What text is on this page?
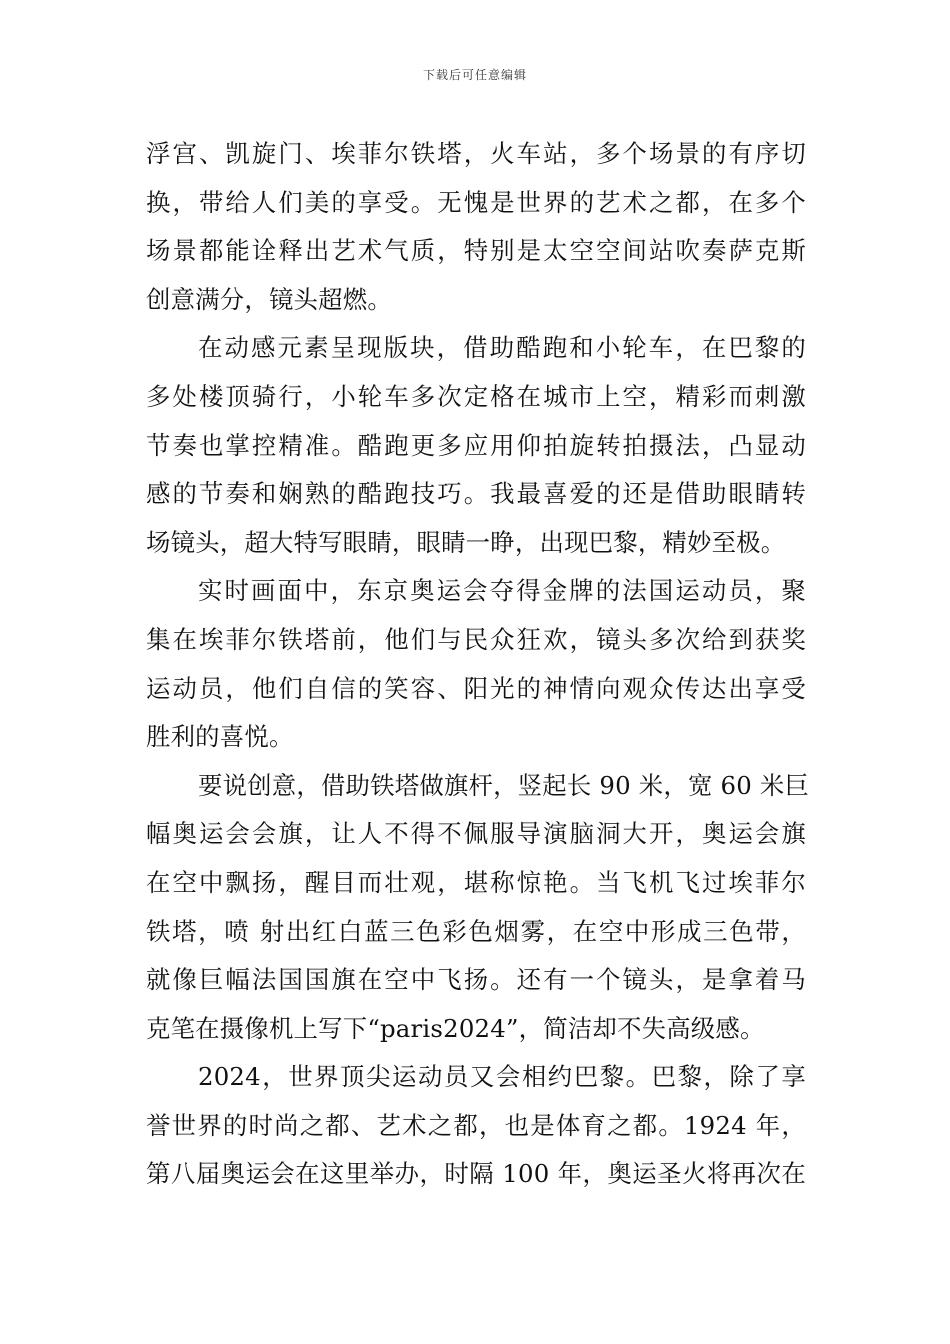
下载后可任意编辑
浮宫、凯旋门、埃菲尔铁塔，火车站，多个场景的有序切
换，带给人们美的享受。无愧是世界的艺术之都，在多个
场景都能诠释出艺术气质，特别是太空空间站吹奏萨克斯
创意满分，镜头超燃。
在动感元素呈现版块，借助酷跑和小轮车，在巴黎的
多处楼顶骑行，小轮车多次定格在城市上空，精彩而刺激
节奏也掌控精准。酷跑更多应用仰拍旋转拍摄法，凸显动
感的节奏和娴熟的酷跑技巧。我最喜爱的还是借助眼睛转
场镜头，超大特写眼睛，眼睛一睁，出现巴黎，精妙至极。
实时画面中，东京奥运会夺得金牌的法国运动员，聚
集在埃菲尔铁塔前，他们与民众狂欢，镜头多次给到获奖
运动员，他们自信的笑容、阳光的神情向观众传达出享受
胜利的喜悦。
要说创意，借助铁塔做旗杆，竖起长 90 米，宽 60 米巨
幅奥运会会旗，让人不得不佩服导演脑洞大开，奥运会旗
在空中飘扬，醒目而壮观，堪称惊艳。当飞机飞过埃菲尔
铁塔，喷 射出红白蓝三色彩色烟雾，在空中形成三色带，
就像巨幅法国国旗在空中飞扬。还有一个镜头，是拿着马
克笔在摄像机上写下“paris2024”，简洁却不失高级感。
2024，世界顶尖运动员又会相约巴黎。巴黎，除了享
誉世界的时尚之都、艺术之都，也是体育之都。1924 年，
第八届奥运会在这里举办，时隔 100 年，奥运圣火将再次在
